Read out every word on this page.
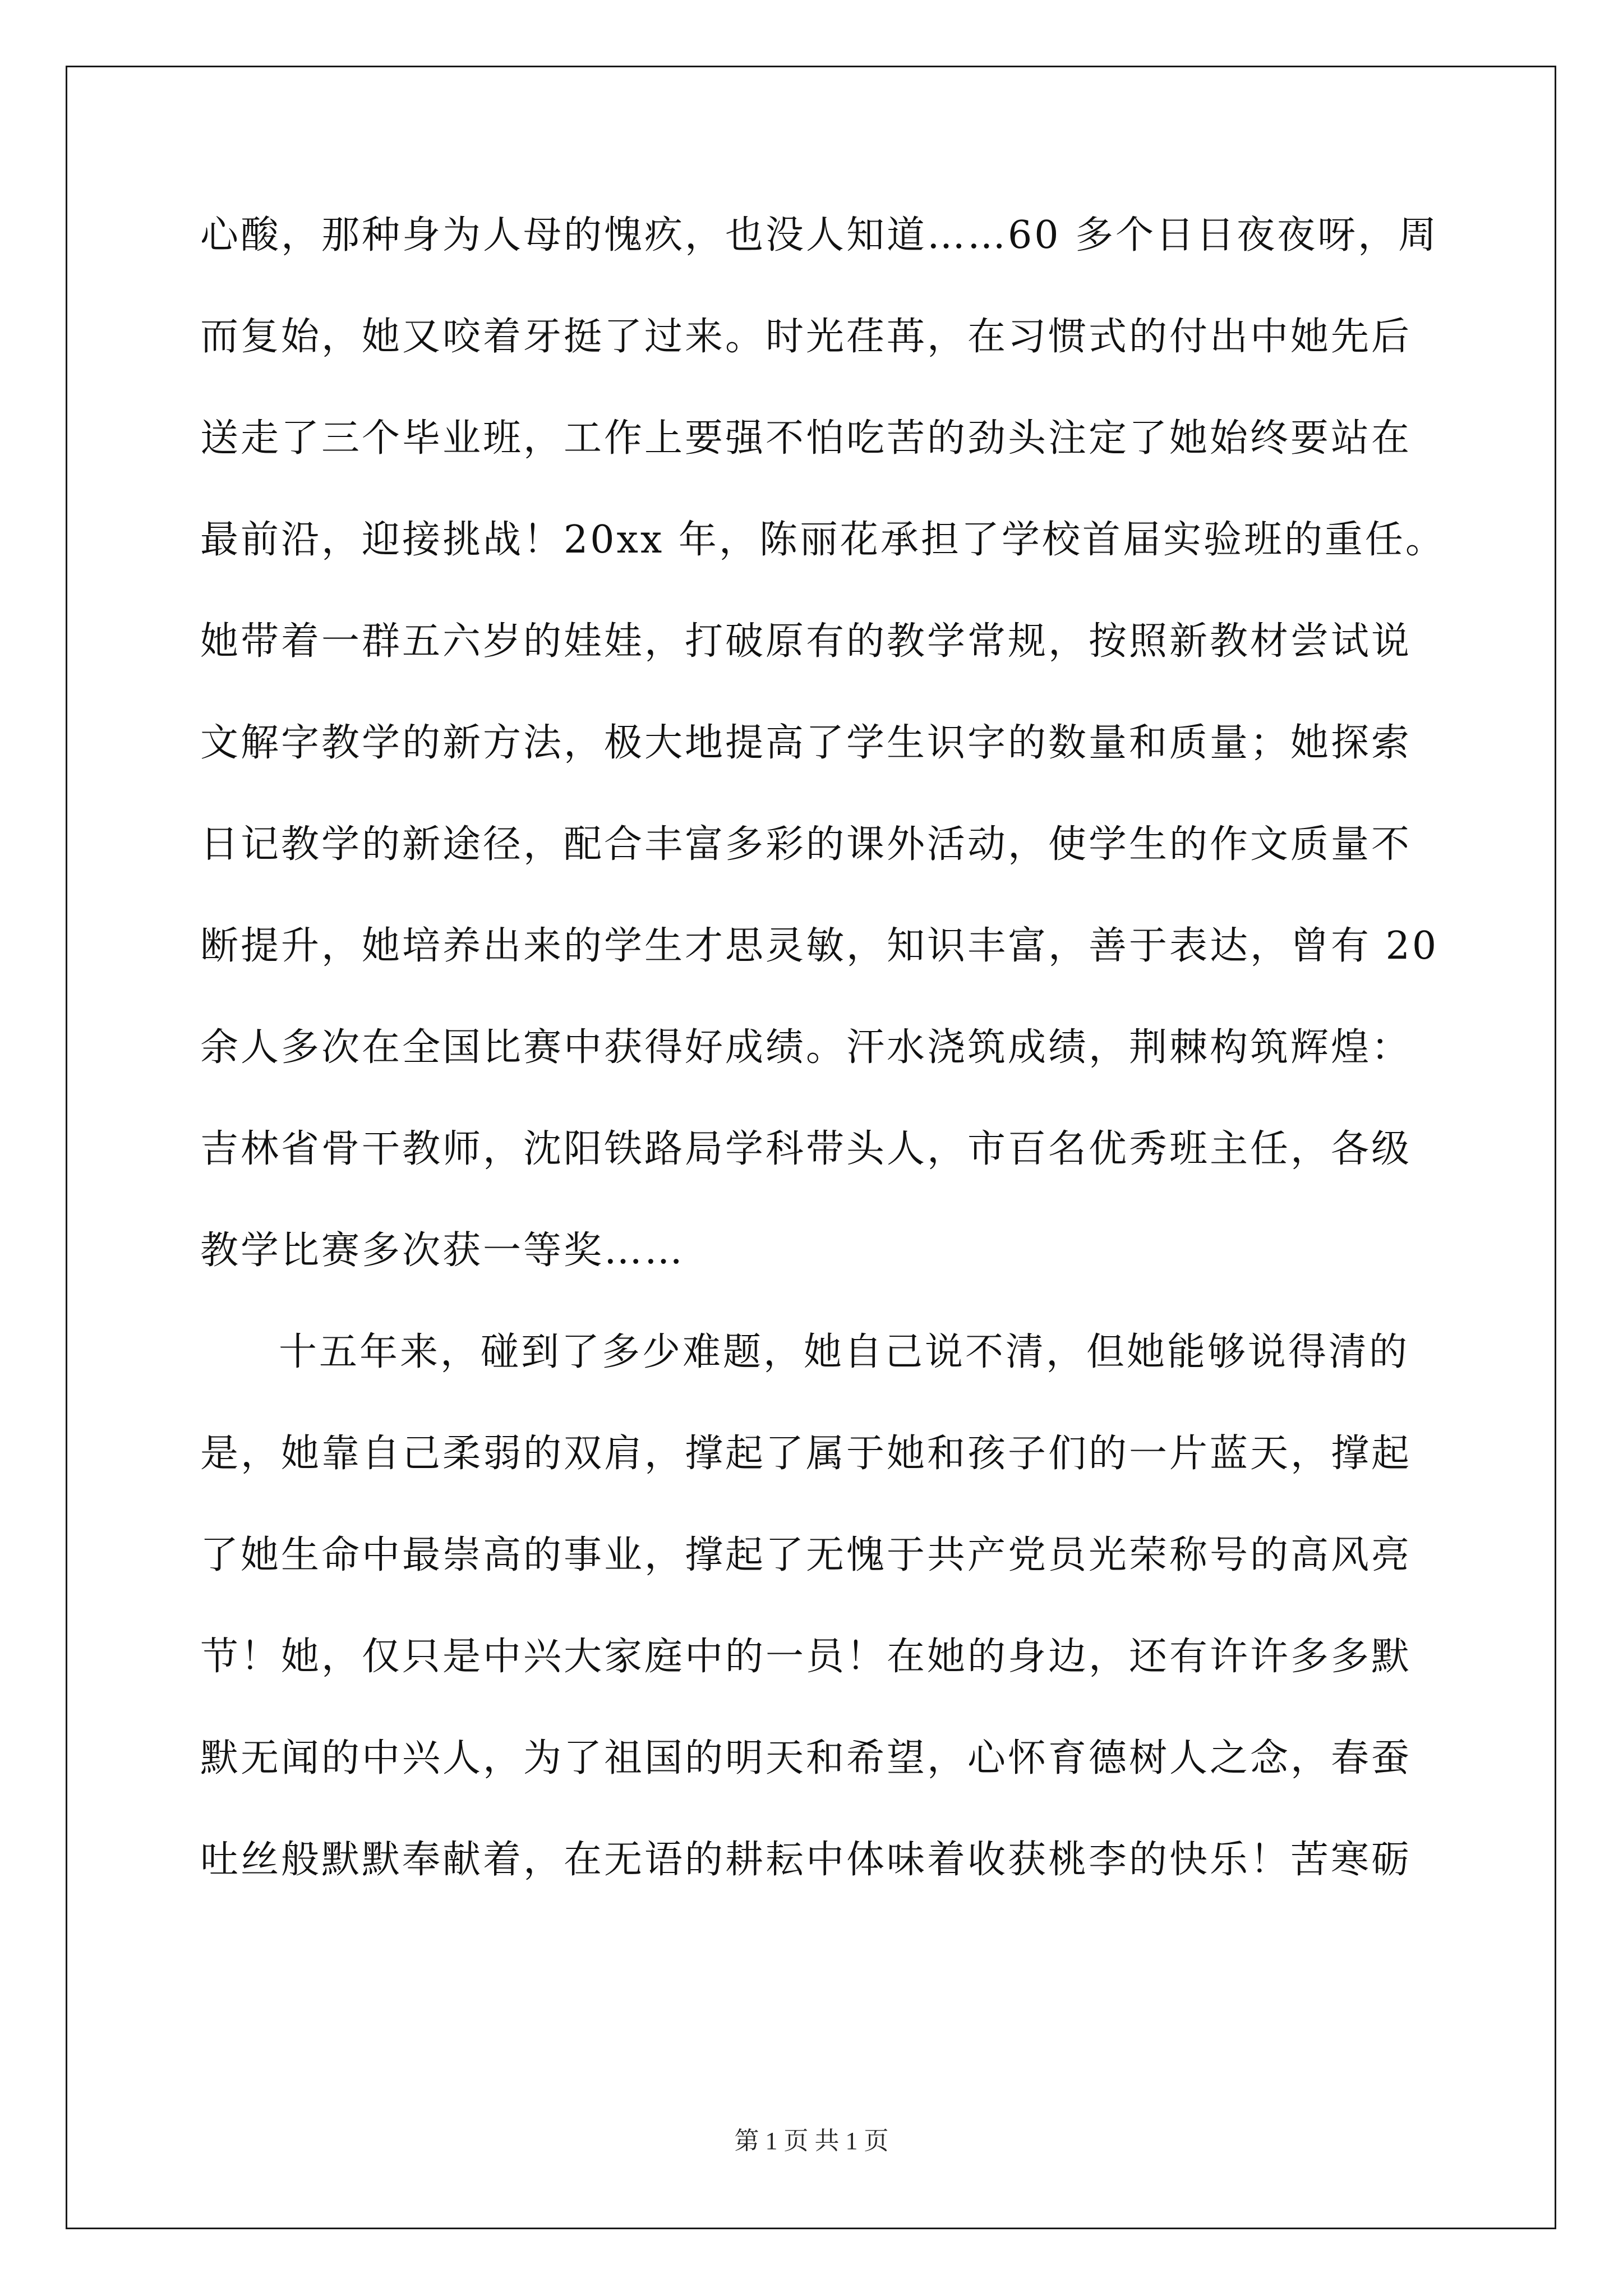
心酸，那种身为人母的愧疚，也没人知道……60 多个日日夜夜呀，周
而复始，她又咬着牙挺了过来。时光荏苒，在习惯式的付出中她先后
送走了三个毕业班，工作上要强不怕吃苦的劲头注定了她始终要站在
最前沿，迎接挑战！20xx 年，陈丽花承担了学校首届实验班的重任。
她带着一群五六岁的娃娃，打破原有的教学常规，按照新教材尝试说
文解字教学的新方法，极大地提高了学生识字的数量和质量；她探索
日记教学的新途径，配合丰富多彩的课外活动，使学生的作文质量不
断提升，她培养出来的学生才思灵敏，知识丰富，善于表达，曾有 20
余人多次在全国比赛中获得好成绩。汗水浇筑成绩，荆棘构筑辉煌：
吉林省骨干教师，沈阳铁路局学科带头人，市百名优秀班主任，各级
教学比赛多次获一等奖……
十五年来，碰到了多少难题，她自己说不清，但她能够说得清的
是，她靠自己柔弱的双肩，撑起了属于她和孩子们的一片蓝天，撑起
了她生命中最崇高的事业，撑起了无愧于共产党员光荣称号的高风亮
节！她，仅只是中兴大家庭中的一员！在她的身边，还有许许多多默
默无闻的中兴人，为了祖国的明天和希望，心怀育德树人之念，春蚕
吐丝般默默奉献着，在无语的耕耘中体味着收获桃李的快乐！苦寒砺
第 1 页 共 1 页
